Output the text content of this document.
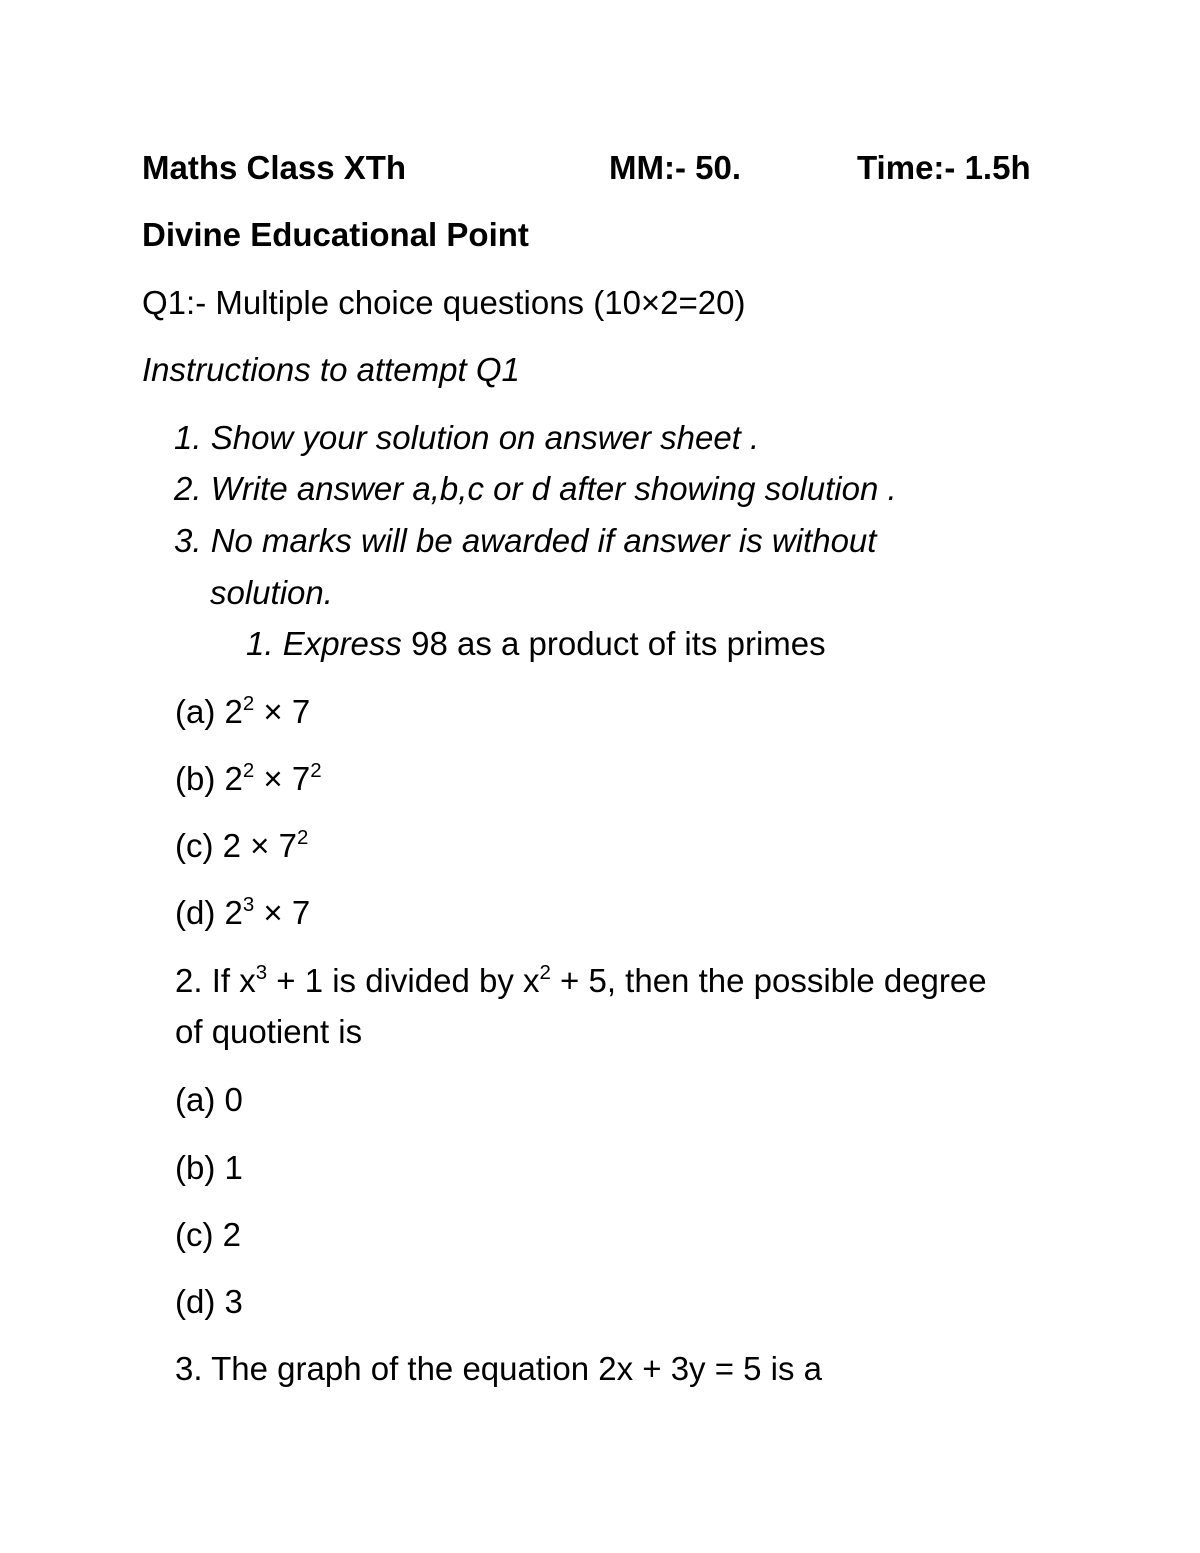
Maths Class XTh	MM:- 50.	Time:- 1.5h
Divine Educational Point
Q1:- Multiple choice questions (10×2=20)
Instructions to attempt Q1
1. Show your solution on answer sheet .
2. Write answer a,b,c or d after showing solution .
3. No marks will be awarded if answer is without
solution.
1. Express 98 as a product of its primes
(a) $2^2 \times 7$
(b) $2^2 \times 7^2$
(c) $2 \times 7^2$
(d) $2^3 \times 7$
2. If $x^3 + 1$ is divided by $x^2 + 5$, then the possible degree
of quotient is
(a) 0
(b) 1
(c) 2
(d) 3
3. The graph of the equation 2x + 3y = 5 is a
